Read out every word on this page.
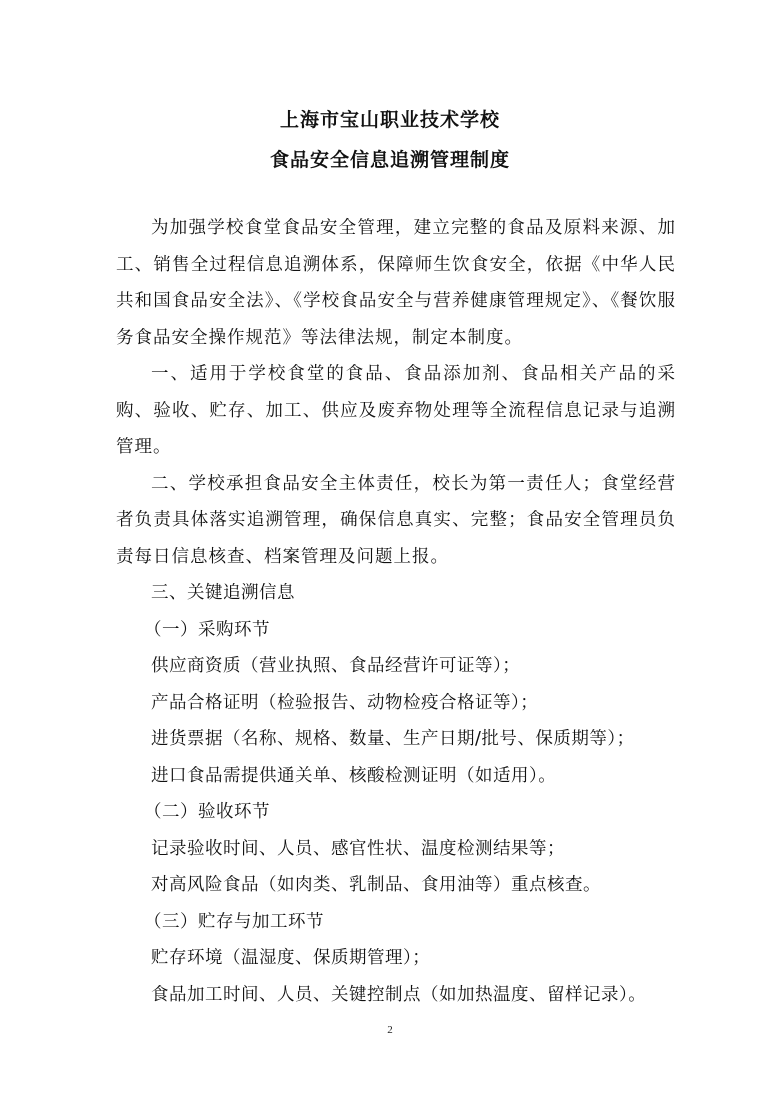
上海市宝山职业技术学校
食品安全信息追溯管理制度

为加强学校食堂食品安全管理，建立完整的食品及原料来源、加工、销售全过程信息追溯体系，保障师生饮食安全，依据《中华人民共和国食品安全法》、《学校食品安全与营养健康管理规定》、《餐饮服务食品安全操作规范》等法律法规，制定本制度。

一、适用于学校食堂的食品、食品添加剂、食品相关产品的采购、验收、贮存、加工、供应及废弃物处理等全流程信息记录与追溯管理。

二、学校承担食品安全主体责任，校长为第一责任人；食堂经营者负责具体落实追溯管理，确保信息真实、完整；食品安全管理员负责每日信息核查、档案管理及问题上报。

三、关键追溯信息

（一）采购环节

供应商资质（营业执照、食品经营许可证等）；

产品合格证明（检验报告、动物检疫合格证等）；

进货票据（名称、规格、数量、生产日期/批号、保质期等）；

进口食品需提供通关单、核酸检测证明（如适用）。

（二）验收环节

记录验收时间、人员、感官性状、温度检测结果等；

对高风险食品（如肉类、乳制品、食用油等）重点核查。

（三）贮存与加工环节

贮存环境（温湿度、保质期管理）；

食品加工时间、人员、关键控制点（如加热温度、留样记录）。

2
